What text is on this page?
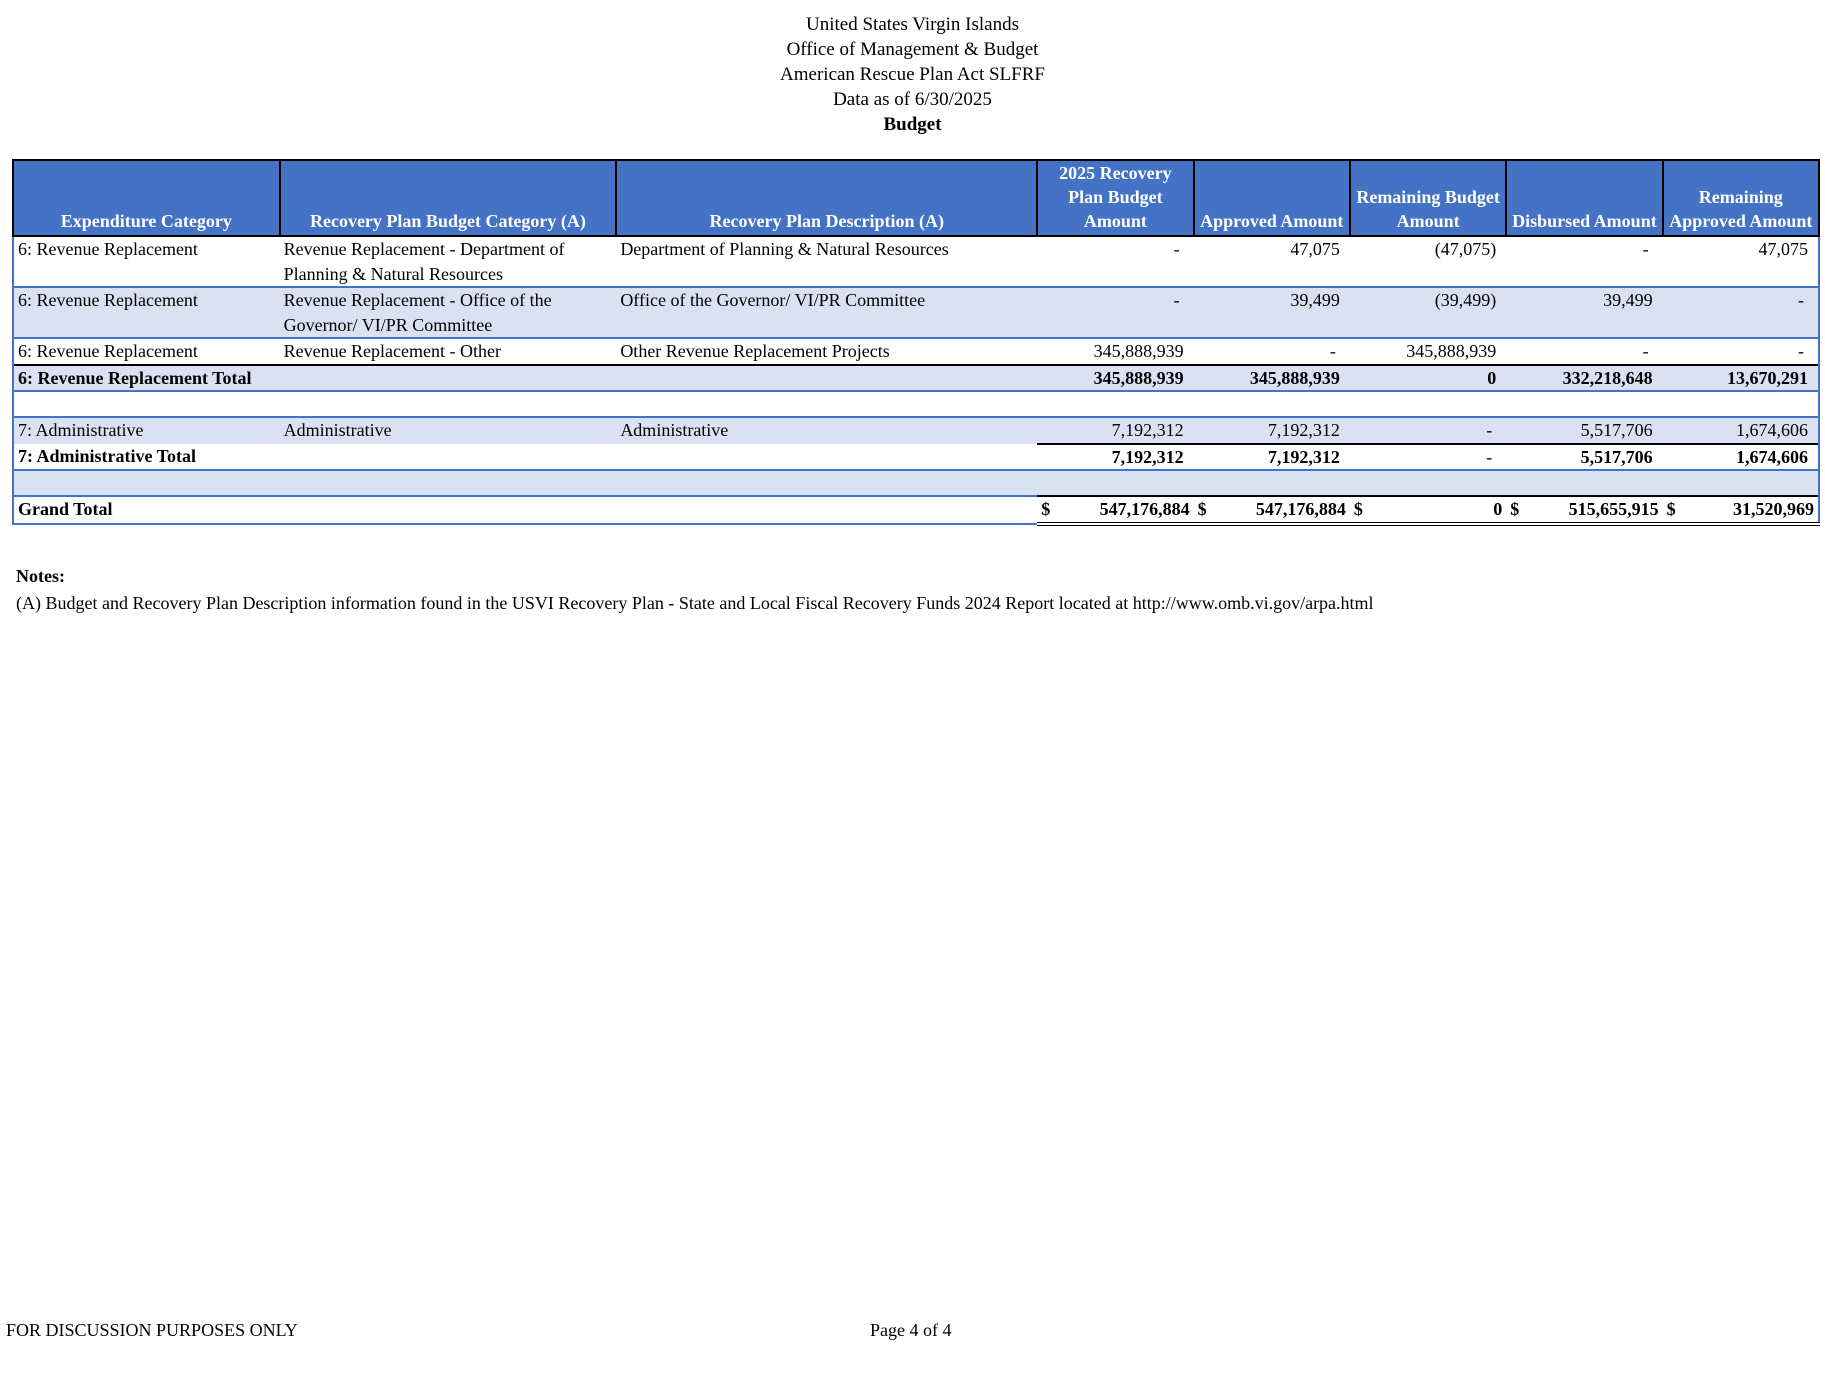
United States Virgin Islands
Office of Management & Budget
American Rescue Plan Act SLFRF
Data as of 6/30/2025
Budget
Expenditure Category	Recovery Plan Budget Category (A)	Recovery Plan Description (A)	2025 Recovery Plan Budget Amount	Approved Amount	Remaining Budget Amount	Disbursed Amount	Remaining Approved Amount
6: Revenue Replacement	Revenue Replacement - Department of Planning & Natural Resources	Department of Planning & Natural Resources	-	47,075	(47,075)	-	47,075
6: Revenue Replacement	Revenue Replacement - Office of the Governor/ VI/PR Committee	Office of the Governor/ VI/PR Committee	-	39,499	(39,499)	39,499	-
6: Revenue Replacement	Revenue Replacement - Other	Other Revenue Replacement Projects	345,888,939	-	345,888,939	-	-
6: Revenue Replacement Total			345,888,939	345,888,939	0	332,218,648	13,670,291

7: Administrative	Administrative	Administrative	7,192,312	7,192,312	-	5,517,706	1,674,606
7: Administrative Total			7,192,312	7,192,312	-	5,517,706	1,674,606

Grand Total			$ 547,176,884	$ 547,176,884	$ 0	$ 515,655,915	$ 31,520,969
Notes:
(A) Budget and Recovery Plan Description information found in the USVI Recovery Plan - State and Local Fiscal Recovery Funds 2024 Report located at http://www.omb.vi.gov/arpa.html
FOR DISCUSSION PURPOSES ONLY	Page 4 of 4
